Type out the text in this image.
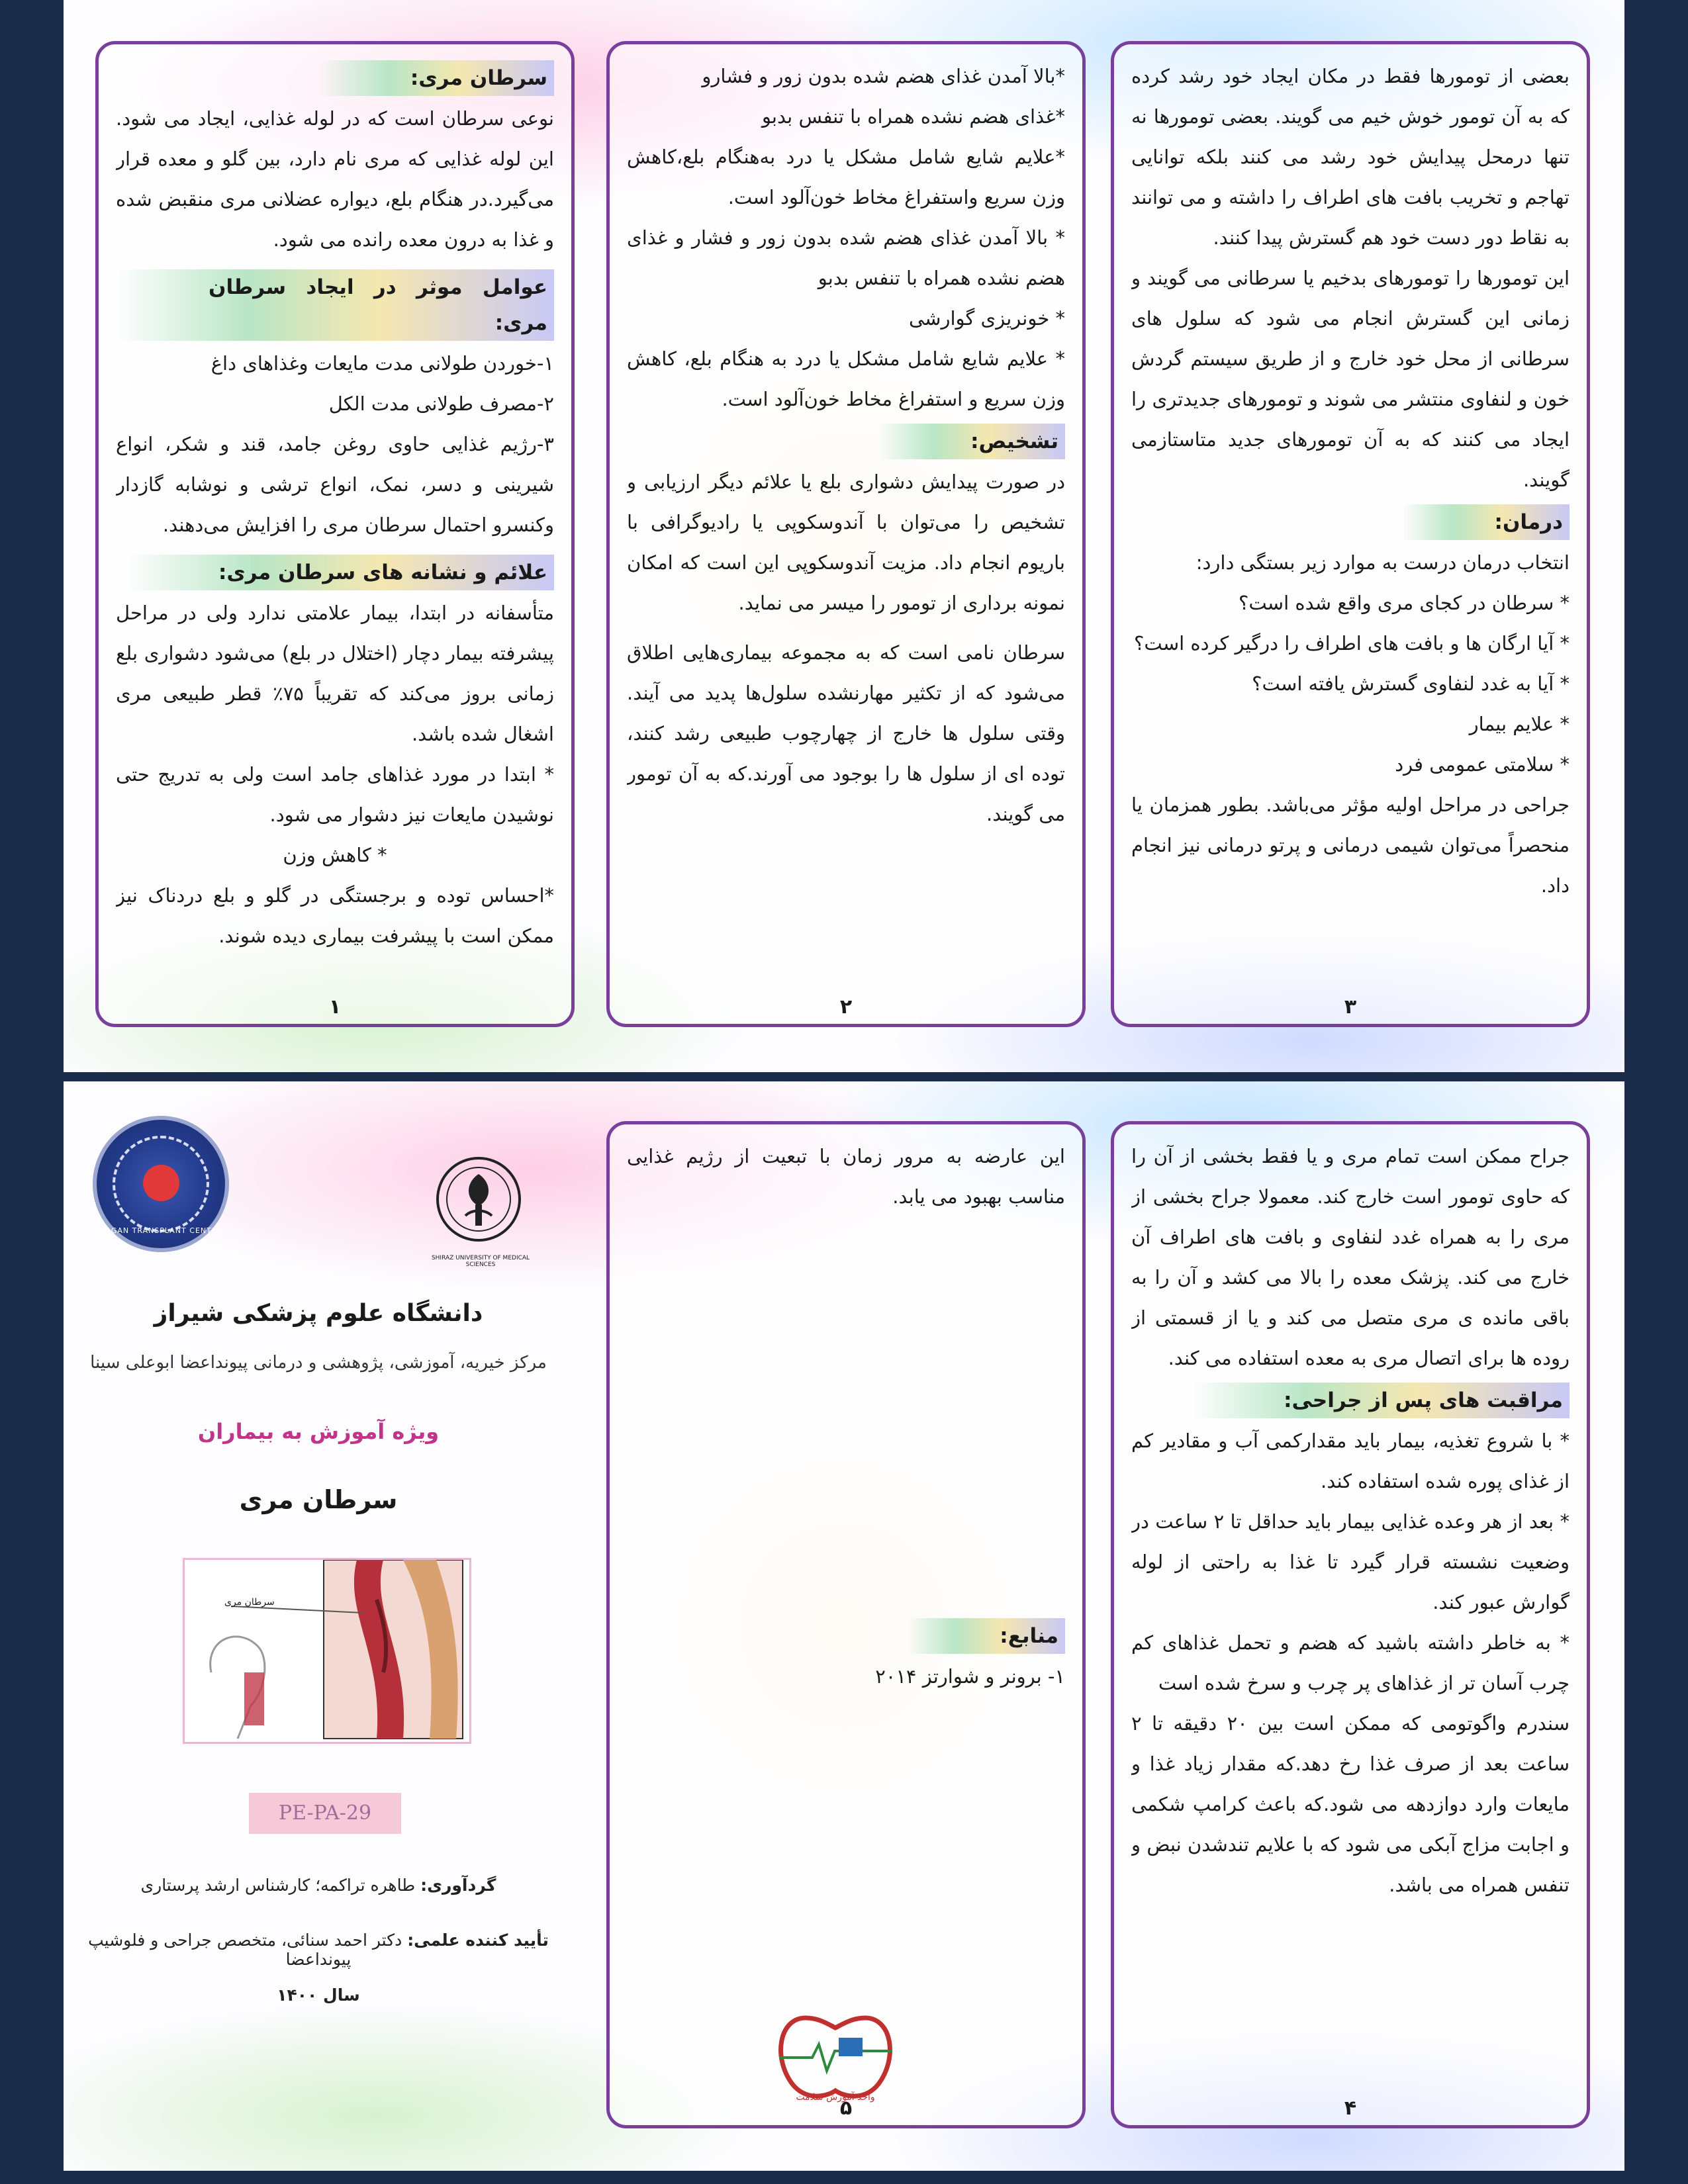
سرطان مری:

نوعی سرطان است که در لوله غذایی، ایجاد می شود. این لوله غذایی که مری نام دارد، بین گلو و معده قرار می‌گیرد.در هنگام بلع، دیواره عضلانی مری منقبض شده و غذا به درون معده رانده می شود.

عوامل موثر در ایجاد سرطان مری:

۱-خوردن طولانی مدت مایعات وغذاهای داغ

۲-مصرف طولانی مدت الکل

۳-رژیم غذایی حاوی روغن جامد، قند و شکر، انواع شیرینی و دسر، نمک، انواع ترشی و نوشابه گازدار وکنسرو احتمال سرطان مری را افزایش می‌دهند.

علائم و نشانه های سرطان مری:

متأسفانه در ابتدا، بیمار علامتی ندارد ولی در مراحل پیشرفته بیمار دچار (اختلال در بلع) می‌شود دشواری بلع زمانی بروز می‌کند که تقریباً ۷۵٪ قطر طبیعی مری اشغال شده باشد.

* ابتدا در مورد غذاهای جامد است ولی به تدریج حتی نوشیدن مایعات نیز دشوار می شود.

* کاهش وزن

*احساس توده و برجستگی در گلو و بلع دردناک نیز ممکن است با پیشرفت بیماری دیده شوند.

۱

*بالا آمدن غذای هضم شده بدون زور و فشارو

*غذای هضم نشده همراه با تنفس بدبو

*علایم شایع شامل مشکل یا درد به‌هنگام بلع،کاهش وزن سریع واستفراغ مخاط خون‌آلود است.

* بالا آمدن غذای هضم شده بدون زور و فشار و غذای هضم نشده همراه با تنفس بدبو

* خونریزی گوارشی

* علایم شایع شامل مشکل یا درد به هنگام بلع، کاهش وزن سریع و استفراغ مخاط خون‌آلود است.

تشخیص:

در صورت پیدایش دشواری بلع یا علائم دیگر ارزیابی و تشخیص را می‌توان با آندوسکوپی یا رادیوگرافی با باریوم انجام داد. مزیت آندوسکوپی این است که امکان نمونه برداری از تومور را میسر می نماید.

سرطان نامی است که به مجموعه بیماری‌هایی اطلاق می‌شود که از تکثیر مهارنشده سلول‌ها پدید می آیند. وقتی سلول ها خارج از چهارچوب طبیعی رشد کنند، توده ای از سلول ها را بوجود می آورند.که به آن تومور می گویند.

۲

بعضی از تومورها فقط در مکان ایجاد خود رشد کرده که به آن تومور خوش خیم می گویند. بعضی تومورها نه تنها درمحل پیدایش خود رشد می کنند بلکه توانایی تهاجم و تخریب بافت های اطراف را داشته و می توانند به نقاط دور دست خود هم گسترش پیدا کنند.

این تومورها را تومورهای بدخیم یا سرطانی می گویند و زمانی این گسترش انجام می شود که سلول های سرطانی از محل خود خارج و از طریق سیستم گردش خون و لنفاوی منتشر می شوند و تومورهای جدیدتری را ایجاد می کنند که به آن تومورهای جدید متاستازمی گویند.

درمان:

انتخاب درمان درست به موارد زیر بستگی دارد:

* سرطان در کجای مری واقع شده است؟

* آیا ارگان ها و بافت های اطراف را درگیر کرده است؟

* آیا به غدد لنفاوی گسترش یافته است؟

* علایم بیمار

* سلامتی عمومی فرد

جراحی در مراحل اولیه مؤثر می‌باشد. بطور همزمان یا منحصراً می‌توان شیمی درمانی و پرتو درمانی نیز انجام داد.

۳
ORGAN TRANSPLANT CENTER
SHIRAZ UNIVERSITY OF MEDICAL SCIENCES
دانشگاه علوم پزشکی شیراز
مرکز خیریه، آموزشی، پژوهشی و درمانی پیونداعضا ابوعلی سینا
ویژه آموزش به بیماران
سرطان مری
سرطان مری
PE-PA-29
گردآوری: طاهره تراکمه؛ کارشناس ارشد پرستاری
تأیید کننده علمی: دکتر احمد سنائی، متخصص جراحی و فلوشیپ پیونداعضا
سال ۱۴۰۰

این عارضه به مرور زمان با تبعیت از رژیم غذایی مناسب بهبود می یابد.

منابع:

۱- برونر و شوارتز ۲۰۱۴

واحد آموزش سلامت
۵

جراح ممکن است تمام مری و یا فقط بخشی از آن را که حاوی تومور است خارج کند. معمولا جراح بخشی از مری را به همراه غدد لنفاوی و بافت های اطراف آن خارج می کند. پزشک معده را بالا می کشد و آن را به باقی مانده ی مری متصل می کند و یا از قسمتی از روده ها برای اتصال مری به معده استفاده می کند.

مراقبت های پس از جراحی:

* با شروع تغذیه، بیمار باید مقدارکمی آب و مقادیر کم از غذای پوره شده استفاده کند.

* بعد از هر وعده غذایی بیمار باید حداقل تا ۲ ساعت در وضعیت نشسته قرار گیرد تا غذا به راحتی از لوله گوارش عبور کند.

* به خاطر داشته باشید که هضم و تحمل غذاهای کم چرب آسان تر از غذاهای پر چرب و سرخ شده است

سندرم واگوتومی که ممکن است بین ۲۰ دقیقه تا ۲ ساعت بعد از صرف غذا رخ دهد.که مقدار زیاد غذا و مایعات وارد دوازدهه می شود.که باعث کرامپ شکمی و اجابت مزاج آبکی می شود که با علایم تندشدن نبض و تنفس همراه می باشد.

۴
